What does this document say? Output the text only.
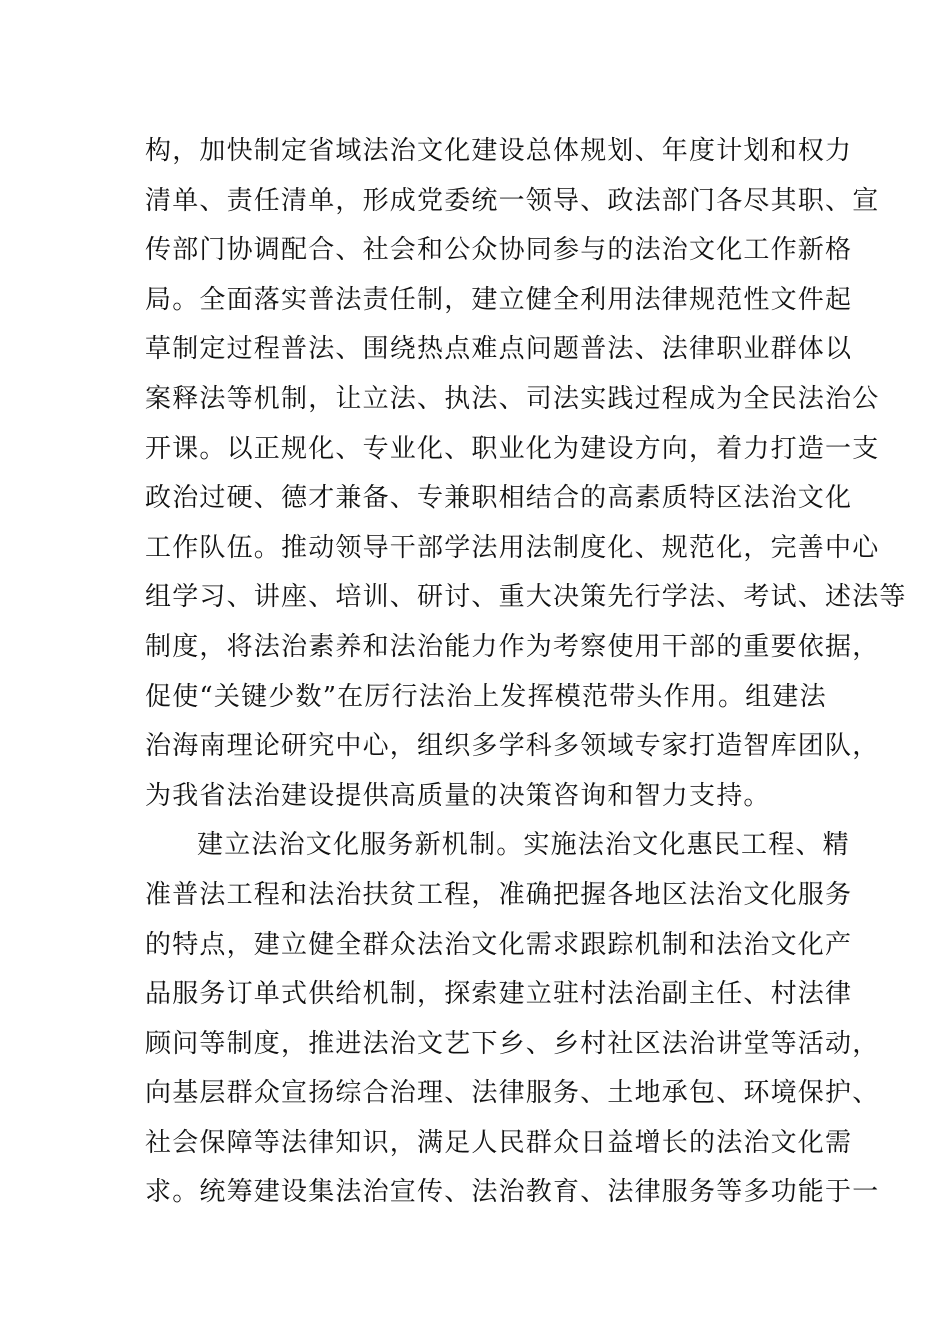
构，加快制定省域法治文化建设总体规划、年度计划和权力
清单、责任清单，形成党委统一领导、政法部门各尽其职、宣
传部门协调配合、社会和公众协同参与的法治文化工作新格
局。全面落实普法责任制，建立健全利用法律规范性文件起
草制定过程普法、围绕热点难点问题普法、法律职业群体以
案释法等机制，让立法、执法、司法实践过程成为全民法治公
开课。以正规化、专业化、职业化为建设方向，着力打造一支
政治过硬、德才兼备、专兼职相结合的高素质特区法治文化
工作队伍。推动领导干部学法用法制度化、规范化，完善中心
组学习、讲座、培训、研讨、重大决策先行学法、考试、述法等
制度，将法治素养和法治能力作为考察使用干部的重要依据，
促使“关键少数”在厉行法治上发挥模范带头作用。组建法
治海南理论研究中心，组织多学科多领域专家打造智库团队，
为我省法治建设提供高质量的决策咨询和智力支持。
建立法治文化服务新机制。实施法治文化惠民工程、精
准普法工程和法治扶贫工程，准确把握各地区法治文化服务
的特点，建立健全群众法治文化需求跟踪机制和法治文化产
品服务订单式供给机制，探索建立驻村法治副主任、村法律
顾问等制度，推进法治文艺下乡、乡村社区法治讲堂等活动，
向基层群众宣扬综合治理、法律服务、土地承包、环境保护、
社会保障等法律知识，满足人民群众日益增长的法治文化需
求。统筹建设集法治宣传、法治教育、法律服务等多功能于一
